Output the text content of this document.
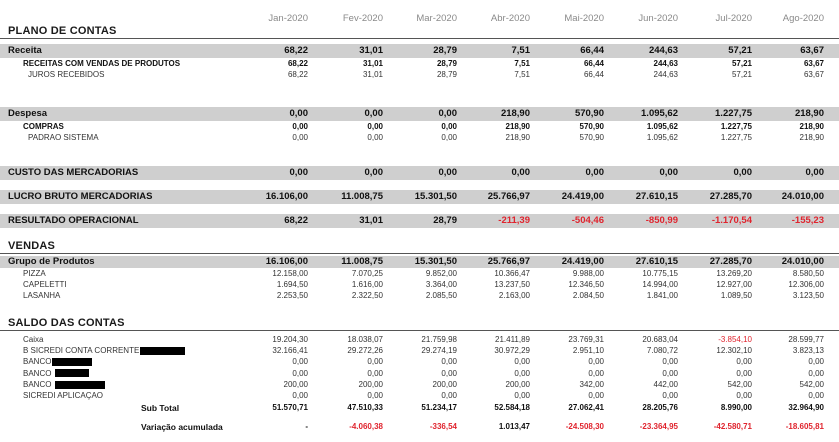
Jan-2020	Fev-2020	Mar-2020	Abr-2020	Mai-2020	Jun-2020	Jul-2020	Ago-2020
PLANO DE CONTAS
Receita	68,22	31,01	28,79	7,51	66,44	244,63	57,21	63,67
RECEITAS COM VENDAS DE PRODUTOS	68,22	31,01	28,79	7,51	66,44	244,63	57,21	63,67
JUROS RECEBIDOS	68,22	31,01	28,79	7,51	66,44	244,63	57,21	63,67
Despesa	0,00	0,00	0,00	218,90	570,90	1.095,62	1.227,75	218,90
COMPRAS	0,00	0,00	0,00	218,90	570,90	1.095,62	1.227,75	218,90
PADRAO SISTEMA	0,00	0,00	0,00	218,90	570,90	1.095,62	1.227,75	218,90
CUSTO DAS MERCADORIAS	0,00	0,00	0,00	0,00	0,00	0,00	0,00	0,00
LUCRO BRUTO MERCADORIAS	16.106,00	11.008,75	15.301,50	25.766,97	24.419,00	27.610,15	27.285,70	24.010,00
RESULTADO OPERACIONAL	68,22	31,01	28,79	-211,39	-504,46	-850,99	-1.170,54	-155,23
VENDAS
Grupo de Produtos	16.106,00	11.008,75	15.301,50	25.766,97	24.419,00	27.610,15	27.285,70	24.010,00
PIZZA	12.158,00	7.070,25	9.852,00	10.366,47	9.988,00	10.775,15	13.269,20	8.580,50
CAPELETTI	1.694,50	1.616,00	3.364,00	13.237,50	12.346,50	14.994,00	12.927,00	12.306,00
LASANHA	2.253,50	2.322,50	2.085,50	2.163,00	2.084,50	1.841,00	1.089,50	3.123,50
SALDO DAS CONTAS
Caixa	19.204,30	18.038,07	21.759,98	21.411,89	23.769,31	20.683,04	-3.854,10	28.599,77
B SICREDI CONTA CORRENTE	32.166,41	29.272,26	29.274,19	30.972,29	2.951,10	7.080,72	12.302,10	3.823,13
BANCO	0,00	0,00	0,00	0,00	0,00	0,00	0,00	0,00
BANCO	0,00	0,00	0,00	0,00	0,00	0,00	0,00	0,00
BANCO	200,00	200,00	200,00	200,00	342,00	442,00	542,00	542,00
SICREDI APLICAÇAO	0,00	0,00	0,00	0,00	0,00	0,00	0,00	0,00
Sub Total	51.570,71	47.510,33	51.234,17	52.584,18	27.062,41	28.205,76	8.990,00	32.964,90
Variação acumulada	-	-4.060,38	-336,54	1.013,47	-24.508,30	-23.364,95	-42.580,71	-18.605,81
